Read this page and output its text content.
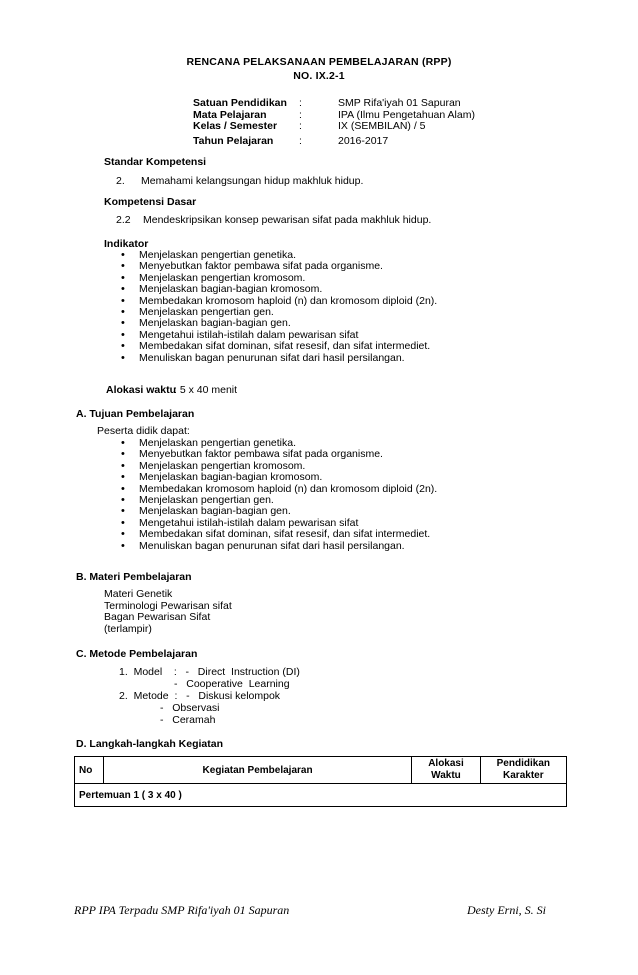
RENCANA PELAKSANAAN PEMBELAJARAN (RPP)
NO. IX.2-1
Satuan Pendidikan :	SMP Rifa'iyah 01 Sapuran
Mata Pelajaran	:	IPA (Ilmu Pengetahuan Alam)
Kelas / Semester :	IX (SEMBILAN) / 5
Tahun Pelajaran :	2016-2017
Standar Kompetensi
2. Memahami kelangsungan hidup makhluk hidup.
Kompetensi Dasar
2.2 Mendeskripsikan konsep pewarisan sifat pada makhluk hidup.
Indikator
• Menjelaskan pengertian genetika.
• Menyebutkan faktor pembawa sifat pada organisme.
• Menjelaskan pengertian kromosom.
• Menjelaskan bagian-bagian kromosom.
• Membedakan kromosom haploid (n) dan kromosom diploid (2n).
• Menjelaskan pengertian gen.
• Menjelaskan bagian-bagian gen.
• Mengetahui istilah-istilah dalam pewarisan sifat
• Membedakan sifat dominan, sifat resesif, dan sifat intermediet.
• Menuliskan bagan penurunan sifat dari hasil persilangan.
Alokasi waktu
: 5 x 40 menit
A. Tujuan Pembelajaran
Peserta didik dapat:
• Menjelaskan pengertian genetika.
• Menyebutkan faktor pembawa sifat pada organisme.
• Menjelaskan pengertian kromosom.
• Menjelaskan bagian-bagian kromosom.
• Membedakan kromosom haploid (n) dan kromosom diploid (2n).
• Menjelaskan pengertian gen.
• Menjelaskan bagian-bagian gen.
• Mengetahui istilah-istilah dalam pewarisan sifat
• Membedakan sifat dominan, sifat resesif, dan sifat intermediet.
• Menuliskan bagan penurunan sifat dari hasil persilangan.
B. Materi Pembelajaran
Materi Genetik
Terminologi Pewarisan sifat
Bagan Pewarisan Sifat
(terlampir)
C. Metode Pembelajaran
1.  Model    :   -   Direct  Instruction (DI)
-   Cooperative  Learning
2.  Metode  :   -   Diskusi kelompok
-   Observasi
-   Ceramah
D. Langkah-langkah Kegiatan
No	Kegiatan Pembelajaran	Alokasi Waktu	Pendidikan Karakter
Pertemuan 1 ( 3 x 40 )
RPP IPA Terpadu SMP Rifa'iyah 01 Sapuran	Desty Erni, S. Si
